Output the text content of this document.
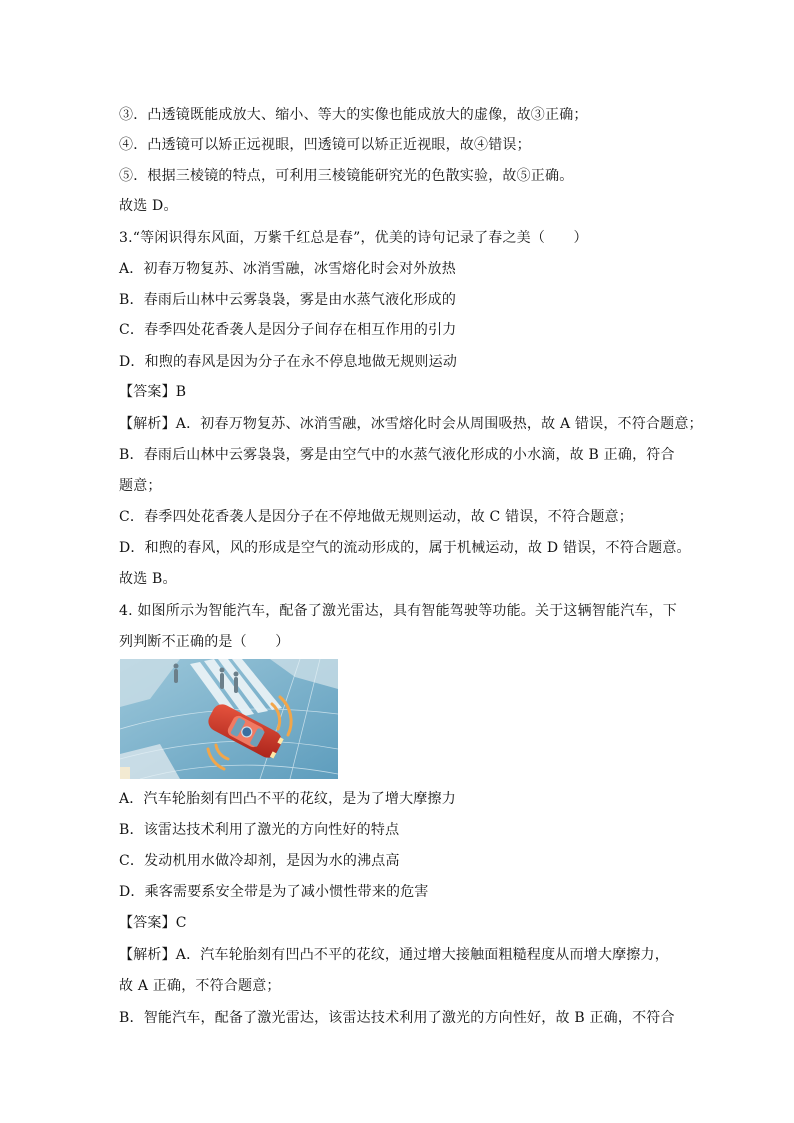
③．凸透镜既能成放大、缩小、等大的实像也能成放大的虚像，故③正确；
④．凸透镜可以矫正远视眼，凹透镜可以矫正近视眼，故④错误；
⑤．根据三棱镜的特点，可利用三棱镜能研究光的色散实验，故⑤正确。
故选 D。
3.“等闲识得东风面，万紫千红总是春”，优美的诗句记录了春之美（　　）
A．初春万物复苏、冰消雪融，冰雪熔化时会对外放热
B．春雨后山林中云雾袅袅，雾是由水蒸气液化形成的
C．春季四处花香袭人是因分子间存在相互作用的引力
D．和煦的春风是因为分子在永不停息地做无规则运动
【答案】B
【解析】A．初春万物复苏、冰消雪融，冰雪熔化时会从周围吸热，故 A 错误，不符合题意；
B．春雨后山林中云雾袅袅，雾是由空气中的水蒸气液化形成的小水滴，故 B 正确，符合
题意；
C．春季四处花香袭人是因分子在不停地做无规则运动，故 C 错误，不符合题意；
D．和煦的春风，风的形成是空气的流动形成的，属于机械运动，故 D 错误，不符合题意。
故选 B。
4. 如图所示为智能汽车，配备了激光雷达，具有智能驾驶等功能。关于这辆智能汽车，下
列判断不正确的是（　　）
A．汽车轮胎刻有凹凸不平的花纹，是为了增大摩擦力
B．该雷达技术利用了激光的方向性好的特点
C．发动机用水做冷却剂，是因为水的沸点高
D．乘客需要系安全带是为了减小惯性带来的危害
【答案】C
【解析】A．汽车轮胎刻有凹凸不平的花纹，通过增大接触面粗糙程度从而增大摩擦力，
故 A 正确，不符合题意；
B．智能汽车，配备了激光雷达，该雷达技术利用了激光的方向性好，故 B 正确，不符合
